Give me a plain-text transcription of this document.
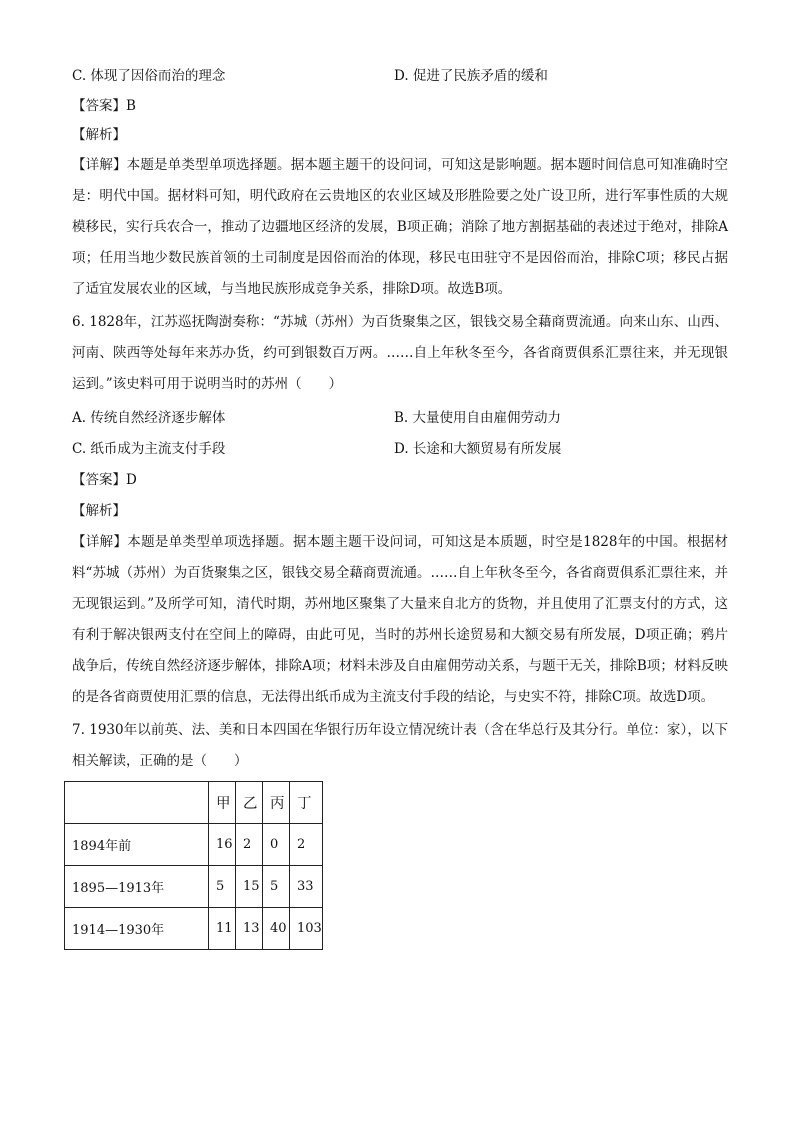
C. 体现了因俗而治的理念	D. 促进了民族矛盾的缓和
【答案】B
【解析】
【详解】本题是单类型单项选择题。据本题主题干的设问词，可知这是影响题。据本题时间信息可知准确时空是：明代中国。据材料可知，明代政府在云贵地区的农业区域及形胜险要之处广设卫所，进行军事性质的大规模移民，实行兵农合一，推动了边疆地区经济的发展，B项正确；消除了地方割据基础的表述过于绝对，排除A项；任用当地少数民族首领的土司制度是因俗而治的体现，移民屯田驻守不是因俗而治，排除C项；移民占据了适宜发展农业的区域，与当地民族形成竞争关系，排除D项。故选B项。
6. 1828年，江苏巡抚陶澍奏称：“苏城（苏州）为百货聚集之区，银钱交易全藉商贾流通。向来山东、山西、河南、陕西等处每年来苏办货，约可到银数百万两。……自上年秋冬至今，各省商贾俱系汇票往来，并无现银运到。”该史料可用于说明当时的苏州（　　）
A. 传统自然经济逐步解体	B. 大量使用自由雇佣劳动力
C. 纸币成为主流支付手段	D. 长途和大额贸易有所发展
【答案】D
【解析】
【详解】本题是单类型单项选择题。据本题主题干设问词，可知这是本质题，时空是1828年的中国。根据材料“苏城（苏州）为百货聚集之区，银钱交易全藉商贾流通。……自上年秋冬至今，各省商贾俱系汇票往来，并无现银运到。”及所学可知，清代时期，苏州地区聚集了大量来自北方的货物，并且使用了汇票支付的方式，这有利于解决银两支付在空间上的障碍，由此可见，当时的苏州长途贸易和大额交易有所发展，D项正确；鸦片战争后，传统自然经济逐步解体，排除A项；材料未涉及自由雇佣劳动关系，与题干无关，排除B项；材料反映的是各省商贾使用汇票的信息，无法得出纸币成为主流支付手段的结论，与史实不符，排除C项。故选D项。
7. 1930年以前英、法、美和日本四国在华银行历年设立情况统计表（含在华总行及其分行。单位：家），以下相关解读，正确的是（　　）
	甲	乙	丙	丁
1894年前	16	2	0	2
1895—1913年	5	15	5	33
1914—1930年	11	13	40	103
